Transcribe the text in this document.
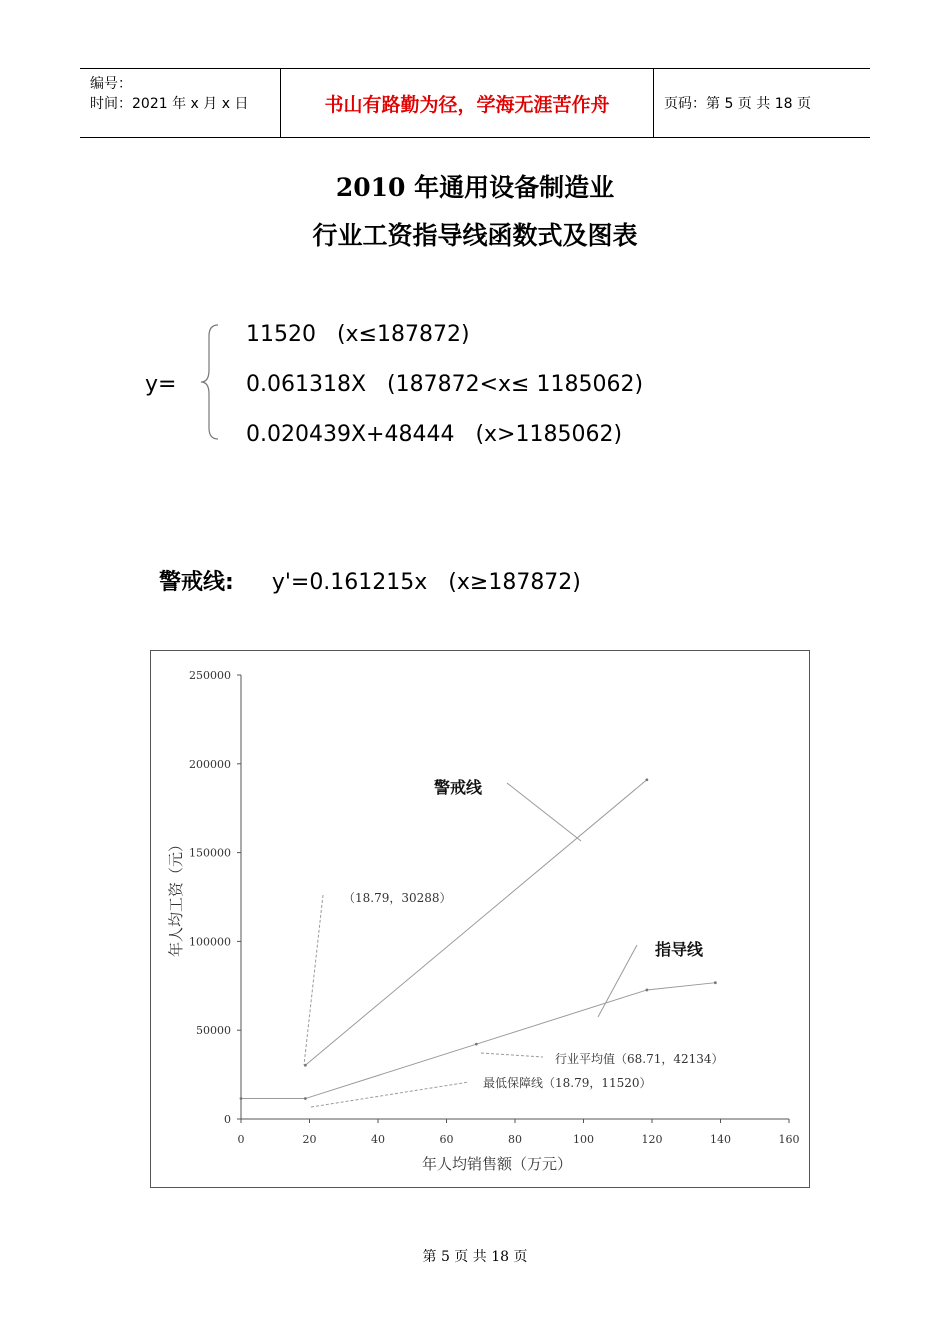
编号：
时间：2021 年 x 月 x 日	书山有路勤为径，学海无涯苦作舟	页码：第 5 页 共 18 页
2010 年通用设备制造业
行业工资指导线函数式及图表
y=
11520   (x≤187872)
0.061318X   (187872<x≤ 1185062)
0.020439X+48444   (x>1185062)

警戒线: y'=0.161215x   (x≥187872)

0
50000
100000
150000
200000
250000
0	20	40	60	80	100	120	140	160
年人均销售额（万元）
年人均工资（元）
警戒线
指导线
（18.79，30288）
行业平均值（68.71，42134）
最低保障线（18.79，11520）
第 5 页 共 18 页
